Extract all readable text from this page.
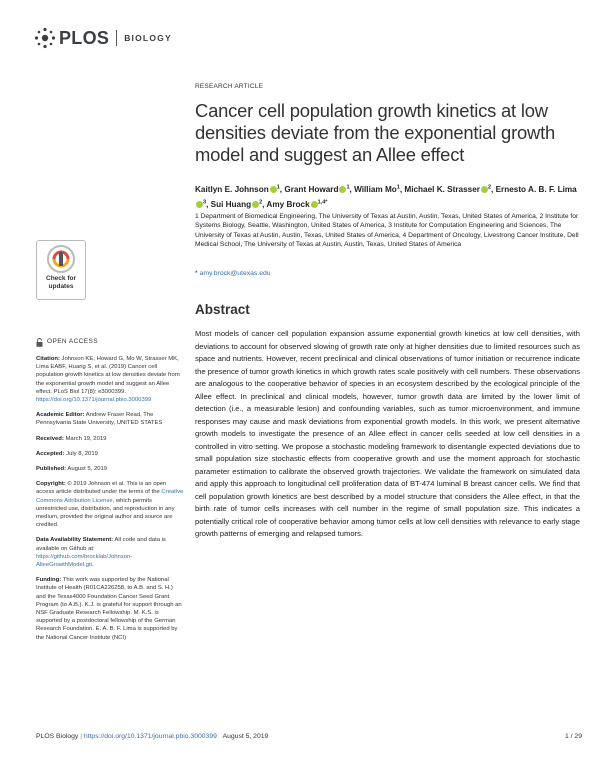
PLOS BIOLOGY
RESEARCH ARTICLE
Cancer cell population growth kinetics at low densities deviate from the exponential growth model and suggest an Allee effect
Kaitlyn E. Johnson $^1$, Grant Howard $^1$, William Mo$^1$, Michael K. Strasser $^2$, Ernesto A. B. F. Lima$^3$, Sui Huang $^2$, Amy Brock $^{1,4*}$
1 Department of Biomedical Engineering, The University of Texas at Austin, Austin, Texas, United States of America, 2 Institute for Systems Biology, Seattle, Washington, United States of America, 3 Institute for Computation Engineering and Sciences, The University of Texas at Austin, Austin, Texas, United States of America, 4 Department of Oncology, Livestrong Cancer Institute, Dell Medical School, The University of Texas at Austin, Austin, Texas, United States of America
* amy.brock@utexas.edu
Abstract

Most models of cancer cell population expansion assume exponential growth kinetics at low cell densities, with deviations to account for observed slowing of growth rate only at higher densities due to limited resources such as space and nutrients. However, recent preclinical and clinical observations of tumor initiation or recurrence indicate the presence of tumor growth kinetics in which growth rates scale positively with cell numbers. These observations are analogous to the cooperative behavior of species in an ecosystem described by the ecological principle of the Allee effect. In preclinical and clinical models, however, tumor growth data are limited by the lower limit of detection (i.e., a measurable lesion) and confounding variables, such as tumor microenvironment, and immune responses may cause and mask deviations from exponential growth models. In this work, we present alternative growth models to investigate the presence of an Allee effect in cancer cells seeded at low cell densities in a controlled in vitro setting. We propose a stochastic modeling framework to disentangle expected deviations due to small population size stochastic effects from cooperative growth and use the moment approach for stochastic parameter estimation to calibrate the observed growth trajectories. We validate the framework on simulated data and apply this approach to longitudinal cell proliferation data of BT-474 luminal B breast cancer cells. We find that cell population growth kinetics are best described by a model structure that considers the Allee effect, in that the birth rate of tumor cells increases with cell number in the regime of small population size. This indicates a potentially critical role of cooperative behavior among tumor cells at low cell densities with relevance to early stage growth patterns of emerging and relapsed tumors.

Check for
updates
OPEN ACCESS
Citation: Johnson KE, Howard G, Mo W, Strasser MK, Lima EABF, Huang S, et al. (2019) Cancer cell population growth kinetics at low densities deviate from the exponential growth model and suggest an Allee effect. PLoS Biol 17(8): e3000399. https://doi.org/10.1371/journal.pbio.3000399
Academic Editor: Andrew Fraser Read, The Pennsylvania State University, UNITED STATES
Received: March 19, 2019
Accepted: July 8, 2019
Published: August 5, 2019
Copyright: © 2019 Johnson et al. This is an open access article distributed under the terms of the Creative Commons Attribution License, which permits unrestricted use, distribution, and reproduction in any medium, provided the original author and source are credited.
Data Availability Statement: All code and data is available on Github at: https://github.com/brocklab/Johnson-AlleeGrowthModel.git.
Funding: This work was supported by the National Institute of Health (R01CA226258, to A.B. and S. H.) and the Texas4000 Foundation Cancer Seed Grant Program (to A.B.). K.J. is grateful for support through an NSF Graduate Research Fellowship. M. K.S. is supported by a postdoctoral fellowship of the German Research Foundation. E. A. B. F. Lima is supported by the National Cancer Institute (NCI)
PLOS Biology | https://doi.org/10.1371/journal.pbio.3000399 August 5, 2019	1 / 29
